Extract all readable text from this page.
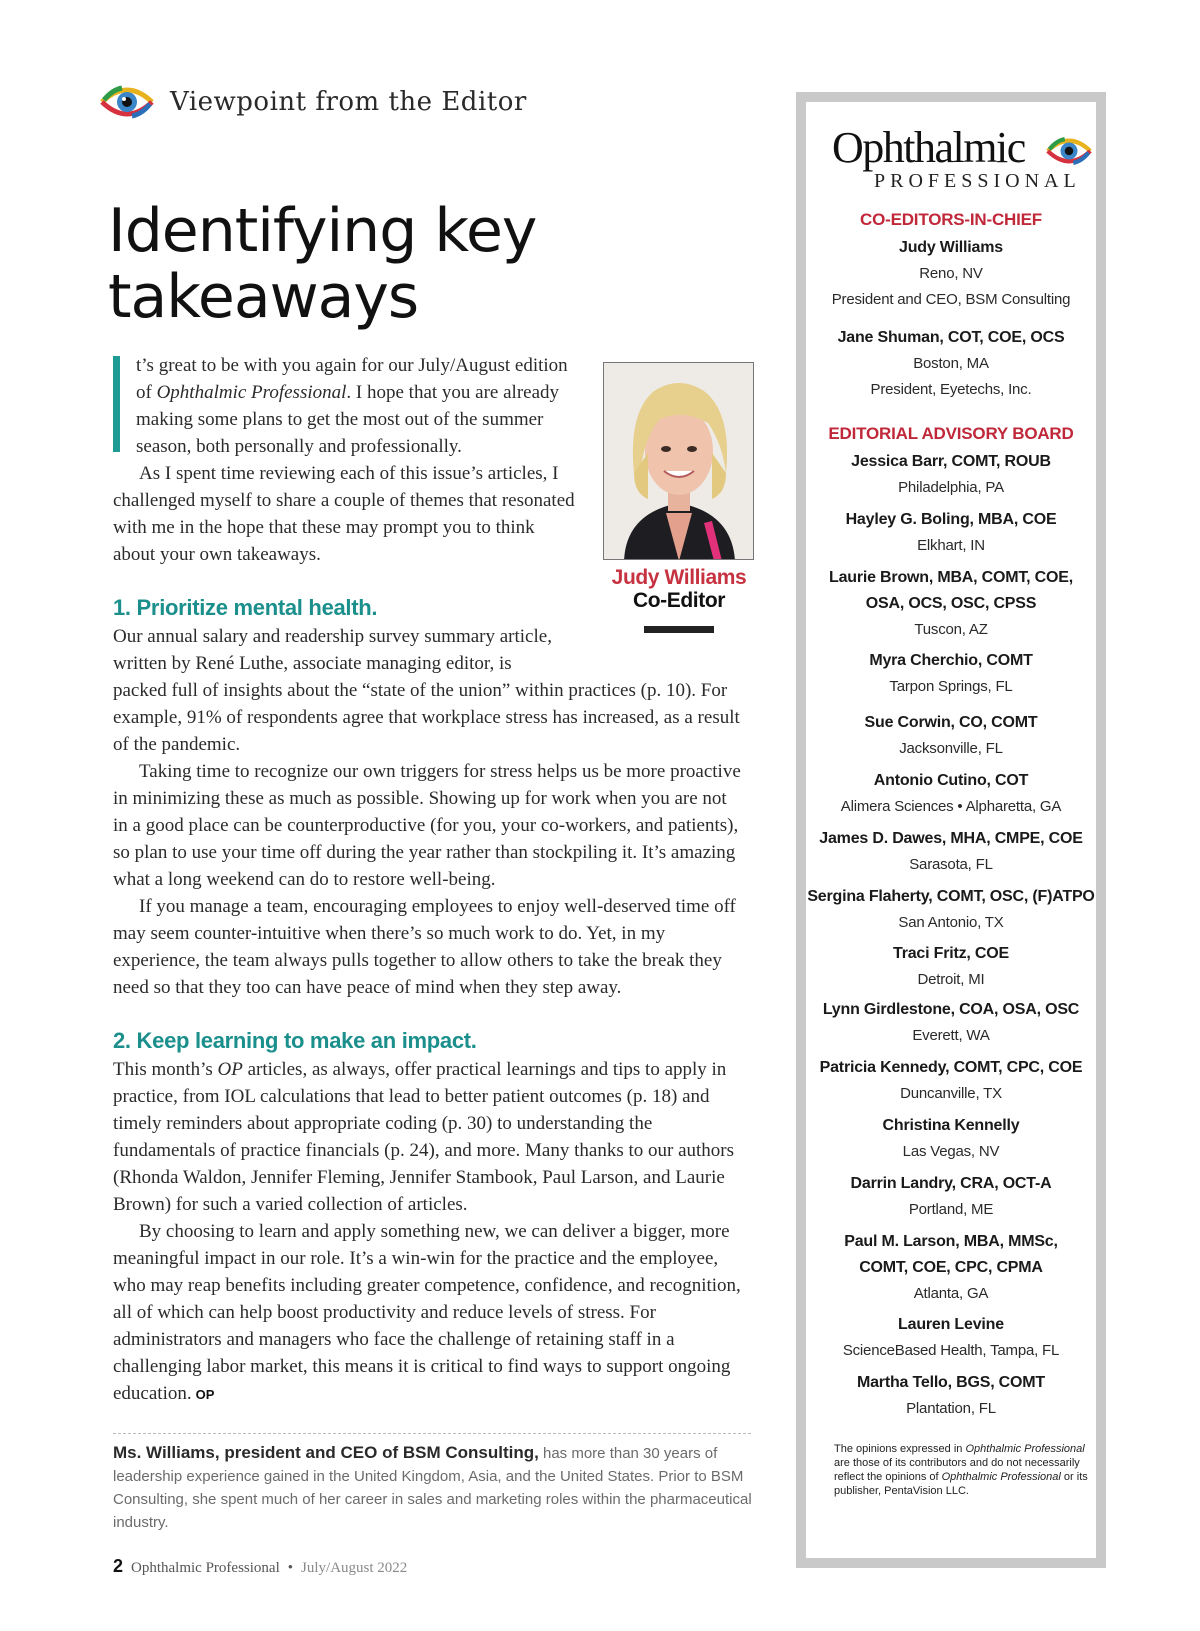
Viewpoint from the Editor
Identifying key takeaways

t’s great to be with you again for our July/August edition of Ophthalmic Professional. I hope that you are already making some plans to get the most out of the summer season, both personally and professionally.

As I spent time reviewing each of this issue’s articles, I challenged myself to share a couple of themes that resonated with me in the hope that these may prompt you to think about your own takeaways.

1. Prioritize mental health.

Our annual salary and readership survey summary article, written by René Luthe, associate managing editor, is

packed full of insights about the “state of the union” within practices (p. 10). For example, 91% of respondents agree that workplace stress has increased, as a result of the pandemic.

Taking time to recognize our own triggers for stress helps us be more proactive in minimizing these as much as possible. Showing up for work when you are not in a good place can be counterproductive (for you, your co-workers, and patients), so plan to use your time off during the year rather than stockpiling it. It’s amazing what a long weekend can do to restore well-being.

If you manage a team, encouraging employees to enjoy well-deserved time off may seem counter-intuitive when there’s so much work to do. Yet, in my experience, the team always pulls together to allow others to take the break they need so that they too can have peace of mind when they step away.

2. Keep learning to make an impact.

This month’s OP articles, as always, offer practical learnings and tips to apply in practice, from IOL calculations that lead to better patient outcomes (p. 18) and timely reminders about appropriate coding (p. 30) to understanding the fundamentals of practice financials (p. 24), and more. Many thanks to our authors (Rhonda Waldon, Jennifer Fleming, Jennifer Stambook, Paul Larson, and Laurie Brown) for such a varied collection of articles.

By choosing to learn and apply something new, we can deliver a bigger, more meaningful impact in our role. It’s a win-win for the practice and the employee, who may reap benefits including greater competence, confidence, and recognition, all of which can help boost productivity and reduce levels of stress. For administrators and managers who face the challenge of retaining staff in a challenging labor market, this means it is critical to find ways to support ongoing education. OP

Judy Williams
Co-Editor

Ms. Williams, president and CEO of BSM Consulting, has more than 30 years of leadership experience gained in the United Kingdom, Asia, and the United States. Prior to BSM Consulting, she spent much of her career in sales and marketing roles within the pharmaceutical industry.

2 Ophthalmic Professional • July/August 2022
Ophthalmic
PROFESSIONAL
CO-EDITORS-IN-CHIEF
Judy Williams
Reno, NV
President and CEO, BSM Consulting
Jane Shuman, COT, COE, OCS
Boston, MA
President, Eyetechs, Inc.
EDITORIAL ADVISORY BOARD
Jessica Barr, COMT, ROUB
Philadelphia, PA
Hayley G. Boling, MBA, COE
Elkhart, IN
Laurie Brown, MBA, COMT, COE,
OSA, OCS, OSC, CPSS
Tuscon, AZ
Myra Cherchio, COMT
Tarpon Springs, FL
Sue Corwin, CO, COMT
Jacksonville, FL
Antonio Cutino, COT
Alimera Sciences • Alpharetta, GA
James D. Dawes, MHA, CMPE, COE
Sarasota, FL
Sergina Flaherty, COMT, OSC, (F)ATPO
San Antonio, TX
Traci Fritz, COE
Detroit, MI
Lynn Girdlestone, COA, OSA, OSC
Everett, WA
Patricia Kennedy, COMT, CPC, COE
Duncanville, TX
Christina Kennelly
Las Vegas, NV
Darrin Landry, CRA, OCT-A
Portland, ME
Paul M. Larson, MBA, MMSc,
COMT, COE, CPC, CPMA
Atlanta, GA
Lauren Levine
ScienceBased Health, Tampa, FL
Martha Tello, BGS, COMT
Plantation, FL

The opinions expressed in Ophthalmic Professional are those of its contributors and do not necessarily reflect the opinions of Ophthalmic Professional or its publisher, PentaVision LLC.
